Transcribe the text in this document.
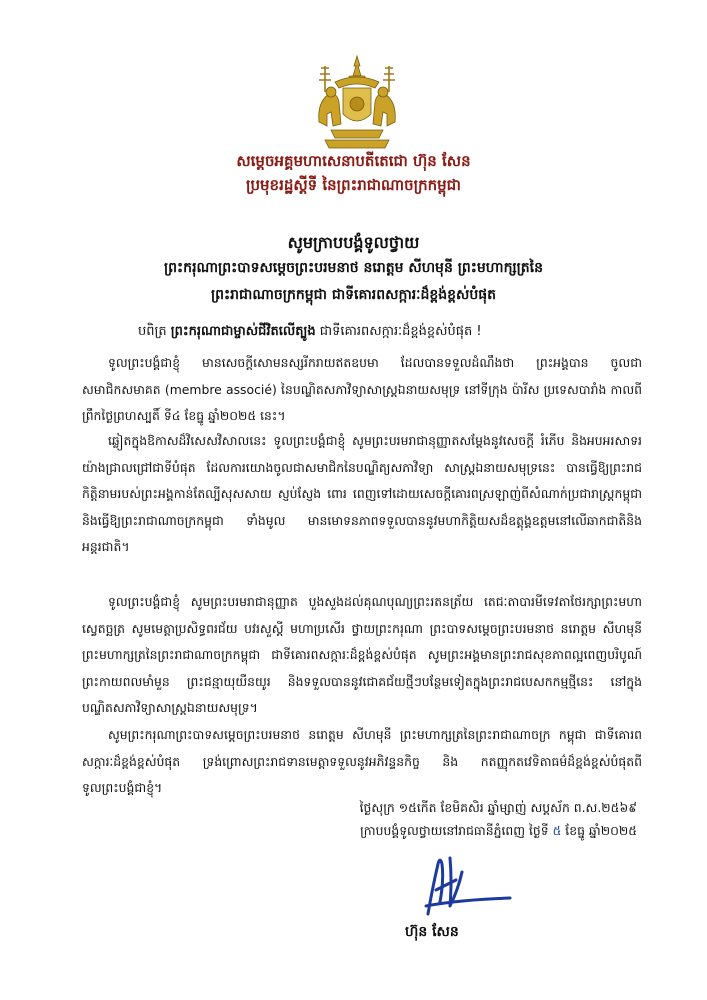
សម្តេចអគ្គមហាសេនាបតីតេជោ ហ៊ុន សែន
ប្រមុខរដ្ឋស្តីទី នៃព្រះរាជាណាចក្រកម្ពុជា
សូមក្រាបបង្គំទូលថ្វាយ
ព្រះករុណាព្រះបាទសម្តេចព្រះបរមនាថ នរោត្តម សីហមុនី ព្រះមហាក្សត្រនៃ
ព្រះរាជាណាចក្រកម្ពុជា ជាទីគោរពសក្ការៈដ៏ខ្ពង់ខ្ពស់បំផុត
បពិត្រ ព្រះករុណាជាម្ចាស់ជីវិតលើត្បូង ជាទីគោរពសក្ការៈដ៏ខ្ពង់ខ្ពស់បំផុត !

ទូលព្រះបង្គំជាខ្ញុំ មានសេចក្តីសោមនស្សរីករាយឥតឧបមា ដែលបានទទួលដំណឹងថា ព្រះអង្គបាន ចូលជាសមាជិកសមាគត (membre associé) នៃបណ្ឌិតសភាវិទ្យាសាស្ត្រឯនាយសមុទ្រ នៅទីក្រុង ប៉ារីស ប្រទេសបារាំង កាលពីព្រឹកថ្ងៃព្រហស្បតិ៍ ទី៤ ខែធ្នូ ឆ្នាំ២០២៥ នេះ។

ឆ្លៀតក្នុងឱកាសដ៏វិសេសវិសាលនេះ ទូលព្រះបង្គំជាខ្ញុំ សូមព្រះបរមរាជានុញ្ញាតសម្តែងនូវសេចក្តី រំភើប និងអបអរសាទរយ៉ាងជ្រាលជ្រៅជាទីបំផុត ដែលការយោងចូលជាសមាជិកនៃបណ្ឌិត្យសភាវិទ្យា សាស្ត្រឯនាយសមុទ្រនេះ បានធ្វើឱ្យព្រះរាជកិត្តិនាមរបស់ព្រះអង្គកាន់តែល្បីសុសសាយ ស្ញប់ស្ញែង ពោរ ពេញទៅដោយសេចក្តីគោរពស្រឡាញ់ពីសំណាក់ប្រជារាស្ត្រកម្ពុជា និងធ្វើឱ្យព្រះរាជាណាចក្រកម្ពុជា ទាំងមូល មានមោទនភាពទទួលបាននូវមហាកិត្តិយសដ៏ឧត្តុង្គឧត្តមនៅលើឆាកជាតិនិងអន្តរជាតិ។

ទូលព្រះបង្គំជាខ្ញុំ សូមព្រះបរមរាជានុញ្ញាត បួងសួងដល់គុណបុណ្យព្រះរតនត្រ័យ តេជៈតាបារមីទេវតាថែរក្សាព្រះមហាស្វេតច្ឆត្រ សូមមេត្តាប្រសិទ្ធពរជ័យ បវរសួស្តី មហាប្រសើរ ថ្វាយព្រះករុណា ព្រះបាទសម្តេចព្រះបរមនាថ នរោត្តម សីហមុនី ព្រះមហាក្សត្រនៃព្រះរាជាណាចក្រកម្ពុជា ជាទីគោរពសក្ការៈដ៏ខ្ពង់ខ្ពស់បំផុត សូមព្រះអង្គមានព្រះរាជសុខភាពល្អពេញបរិបូណ៍ ព្រះកាយពលមាំមួន ព្រះជន្មាយុយឺនយូរ និងទទួលបាននូវជោគជ័យថ្មីៗបន្ថែមទៀតក្នុងព្រះរាជបេសកកម្មថ្មីនេះ នៅក្នុងបណ្ឌិតសភាវិទ្យាសាស្ត្រឯនាយសមុទ្រ។

សូមព្រះករុណាព្រះបាទសម្តេចព្រះបរមនាថ នរោត្តម សីហមុនី ព្រះមហាក្សត្រនៃព្រះរាជាណាចក្រ កម្ពុជា ជាទីគោរពសក្ការៈដ៏ខ្ពង់ខ្ពស់បំផុត ទ្រង់ព្រោសព្រះរាជទានមេត្តាទទួលនូវអភិវន្ទនកិច្ច និង កតញ្ញុកតវេទិតាធម៌ដ៏ខ្ពង់ខ្ពស់បំផុតពីទូលព្រះបង្គំជាខ្ញុំ។

ថ្ងៃសុក្រ ១៥កើត ខែមិគសិរ ឆ្នាំម្សាញ់ សប្តស័ក ព.ស.២៥៦៩
ក្រាបបង្គំទូលថ្វាយនៅរាជធានីភ្នំពេញ ថ្ងៃទី ៥ ខែធ្នូ ឆ្នាំ២០២៥
ហ៊ុន សែន
